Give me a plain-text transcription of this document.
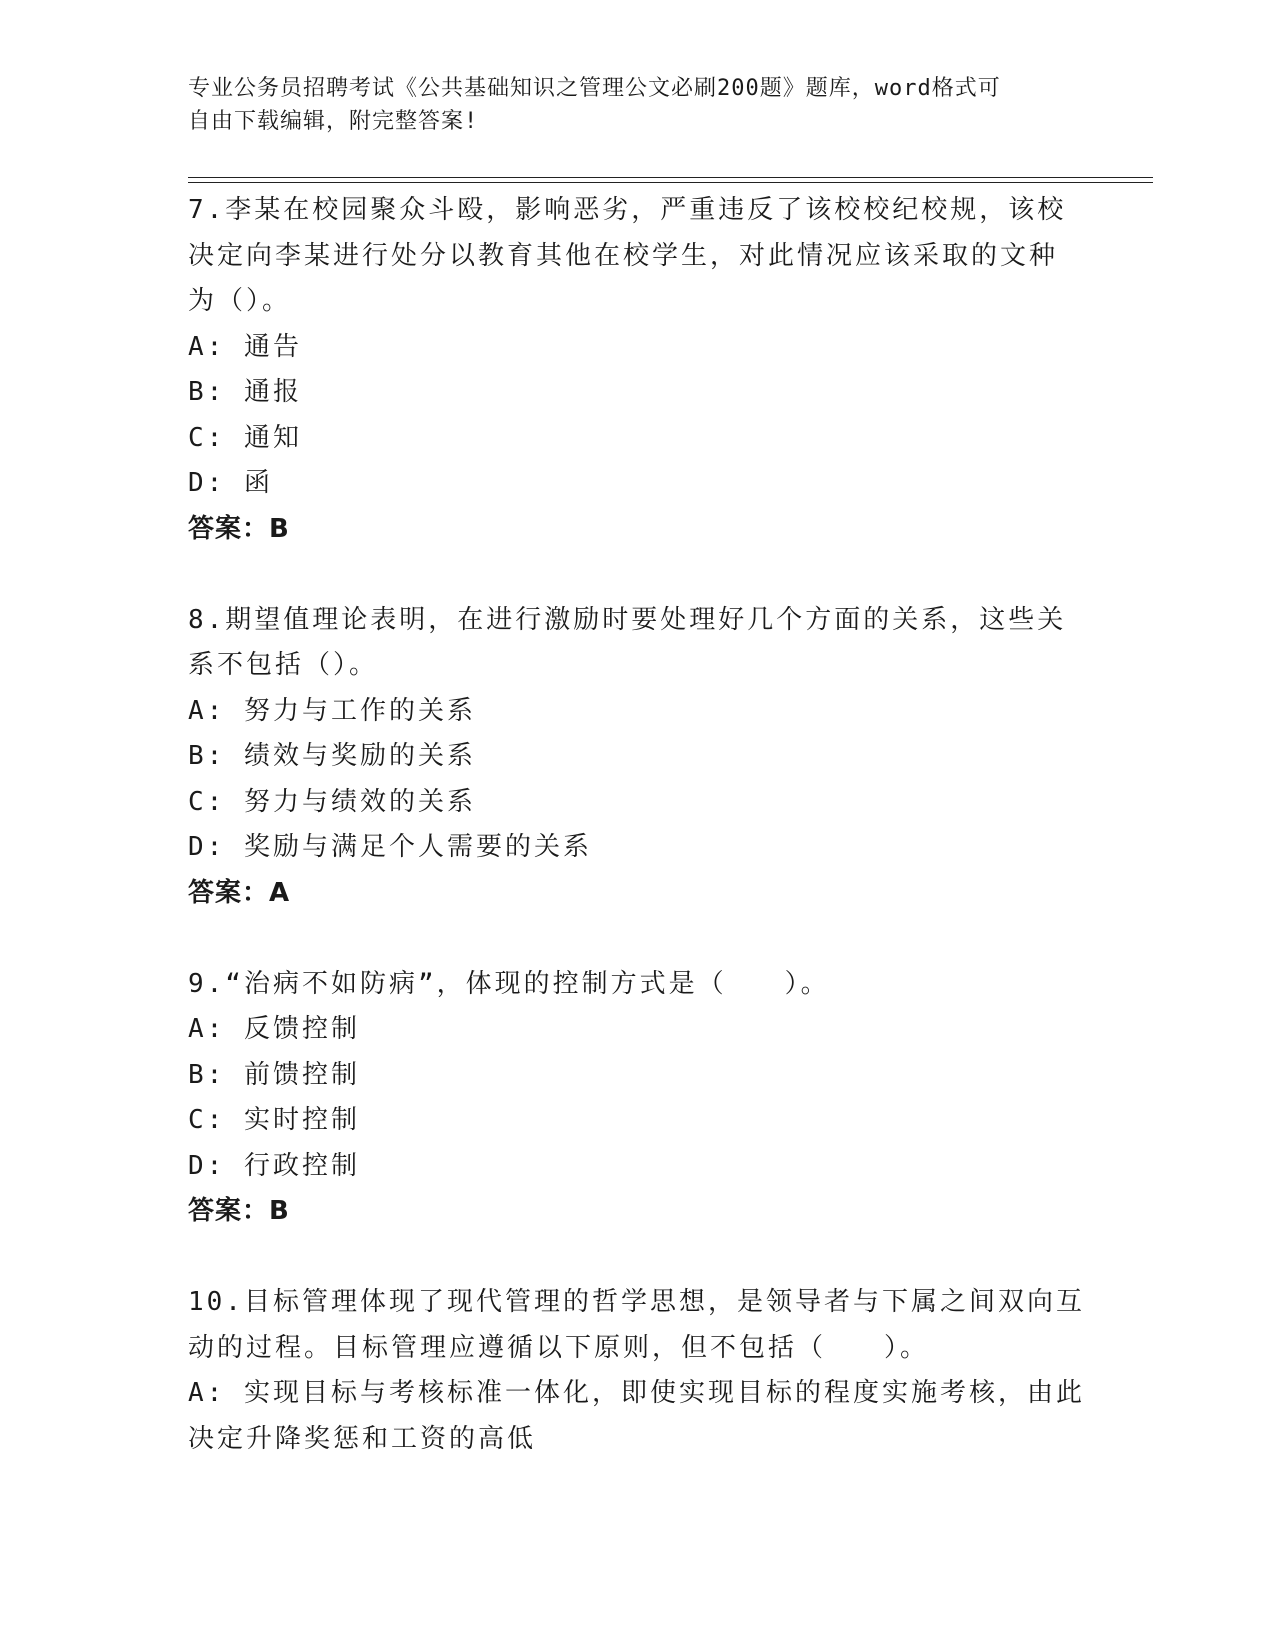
专业公务员招聘考试《公共基础知识之管理公文必刷200题》题库，word格式可
自由下载编辑，附完整答案!
7.李某在校园聚众斗殴，影响恶劣，严重违反了该校校纪校规，该校
决定向李某进行处分以教育其他在校学生，对此情况应该采取的文种
为（）。
A: 通告
B: 通报
C: 通知
D: 函
答案：B
8.期望值理论表明，在进行激励时要处理好几个方面的关系，这些关
系不包括（）。
A: 努力与工作的关系
B: 绩效与奖励的关系
C: 努力与绩效的关系
D: 奖励与满足个人需要的关系
答案：A
9.“治病不如防病”，体现的控制方式是（　　）。
A: 反馈控制
B: 前馈控制
C: 实时控制
D: 行政控制
答案：B
10.目标管理体现了现代管理的哲学思想，是领导者与下属之间双向互
动的过程。目标管理应遵循以下原则，但不包括（　　）。
A: 实现目标与考核标准一体化，即使实现目标的程度实施考核，由此
决定升降奖惩和工资的高低
